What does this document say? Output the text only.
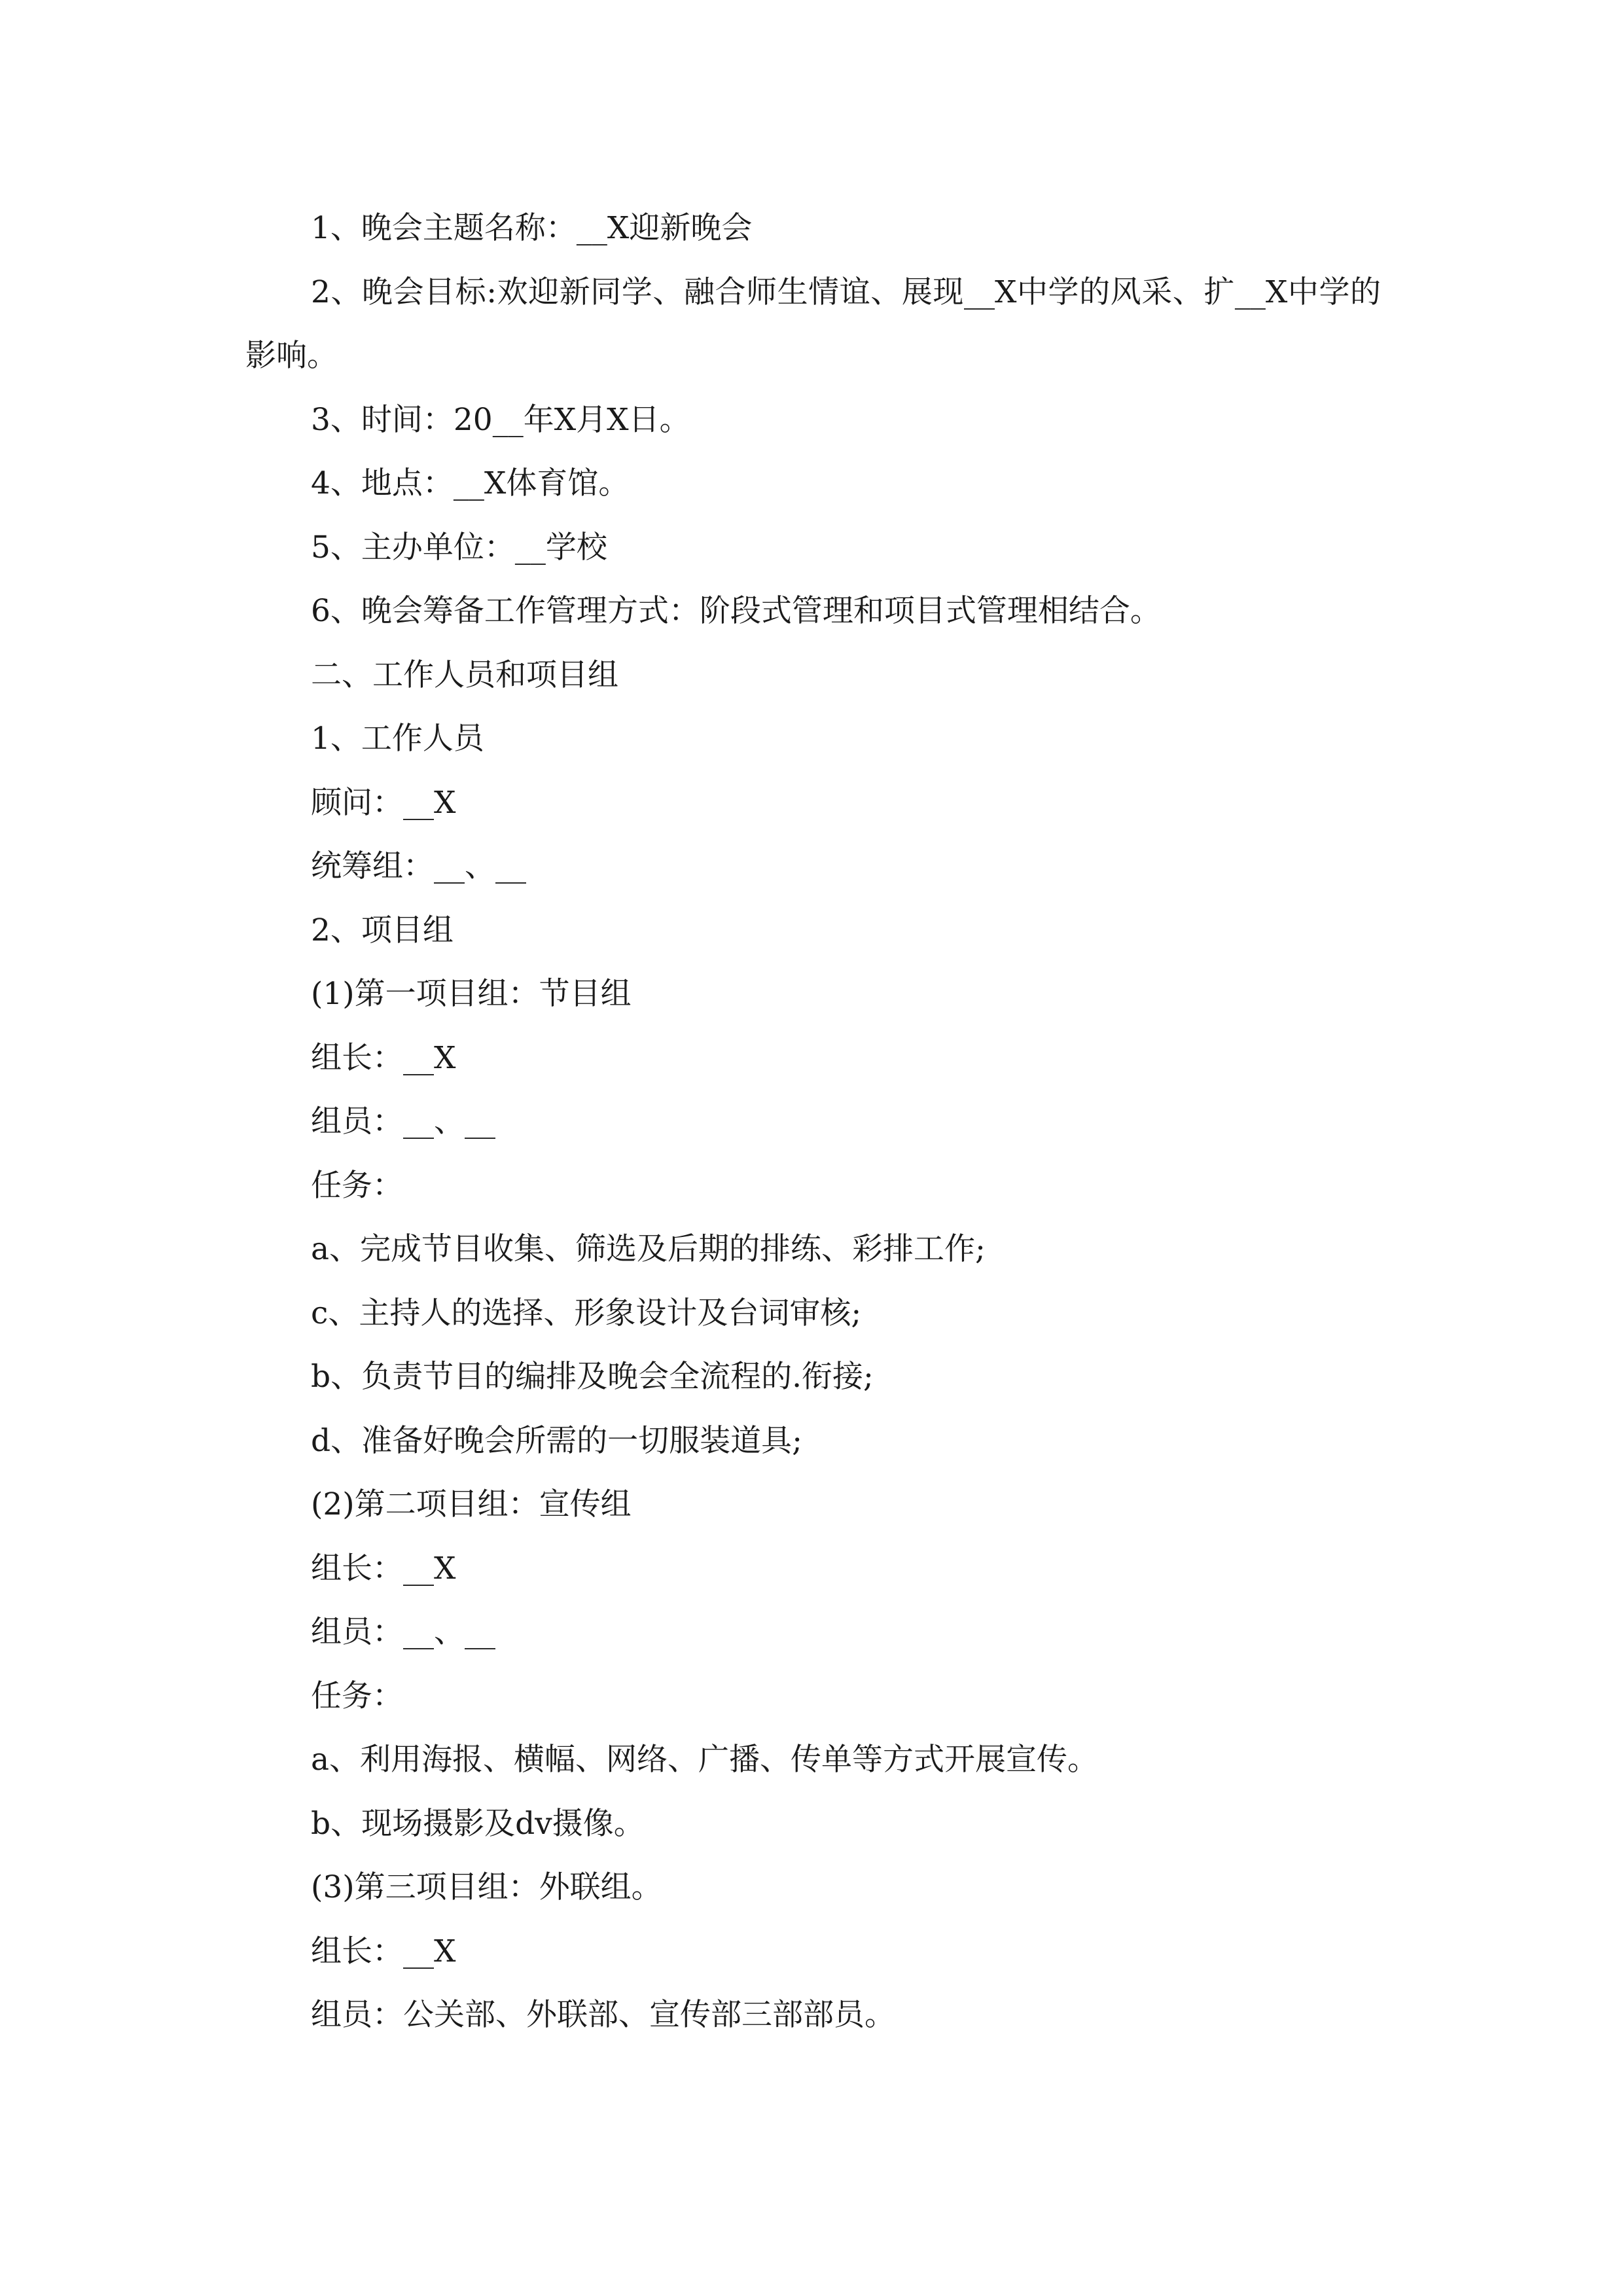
1、晚会主题名称：__X迎新晚会

2、晚会目标:欢迎新同学、融合师生情谊、展现__X中学的风采、扩__X中学的影响。

3、时间：20__年X月X日。

4、地点：__X体育馆。

5、主办单位：__学校

6、晚会筹备工作管理方式：阶段式管理和项目式管理相结合。

二、工作人员和项目组

1、工作人员

顾问：__X

统筹组：__、__

2、项目组

(1)第一项目组：节目组

组长：__X

组员：__、__

任务：

a、完成节目收集、筛选及后期的排练、彩排工作;

c、主持人的选择、形象设计及台词审核;

b、负责节目的编排及晚会全流程的.衔接;

d、准备好晚会所需的一切服装道具;

(2)第二项目组：宣传组

组长：__X

组员：__、__

任务：

a、利用海报、横幅、网络、广播、传单等方式开展宣传。

b、现场摄影及dv摄像。

(3)第三项目组：外联组。

组长：__X

组员：公关部、外联部、宣传部三部部员。
